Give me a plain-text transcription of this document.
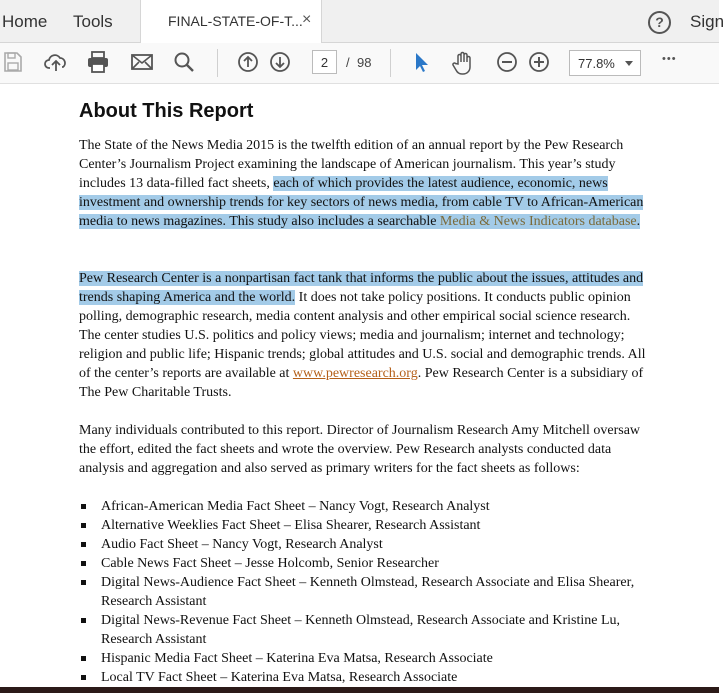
Home Tools	FINAL-STATE-OF-T... ×	?	Sign
2	/ 98	77.8%	•••
About This Report

The State of the News Media 2015 is the twelfth edition of an annual report by the Pew Research Center’s Journalism Project examining the landscape of American journalism. This year’s study includes 13 data-filled fact sheets, each of which provides the latest audience, economic, news investment and ownership trends for key sectors of news media, from cable TV to African-American media to news magazines. This study also includes a searchable Media & News Indicators database.

Pew Research Center is a nonpartisan fact tank that informs the public about the issues, attitudes and trends shaping America and the world. It does not take policy positions. It conducts public opinion polling, demographic research, media content analysis and other empirical social science research. The center studies U.S. politics and policy views; media and journalism; internet and technology; religion and public life; Hispanic trends; global attitudes and U.S. social and demographic trends. All of the center’s reports are available at www.pewresearch.org. Pew Research Center is a subsidiary of The Pew Charitable Trusts.

Many individuals contributed to this report. Director of Journalism Research Amy Mitchell oversaw the effort, edited the fact sheets and wrote the overview. Pew Research analysts conducted data analysis and aggregation and also served as primary writers for the fact sheets as follows:

African-American Media Fact Sheet – Nancy Vogt, Research Analyst
Alternative Weeklies Fact Sheet – Elisa Shearer, Research Assistant
Audio Fact Sheet – Nancy Vogt, Research Analyst
Cable News Fact Sheet – Jesse Holcomb, Senior Researcher
Digital News-Audience Fact Sheet – Kenneth Olmstead, Research Associate and Elisa Shearer, Research Assistant
Digital News-Revenue Fact Sheet – Kenneth Olmstead, Research Associate and Kristine Lu, Research Assistant
Hispanic Media Fact Sheet – Katerina Eva Matsa, Research Associate
Local TV Fact Sheet – Katerina Eva Matsa, Research Associate
